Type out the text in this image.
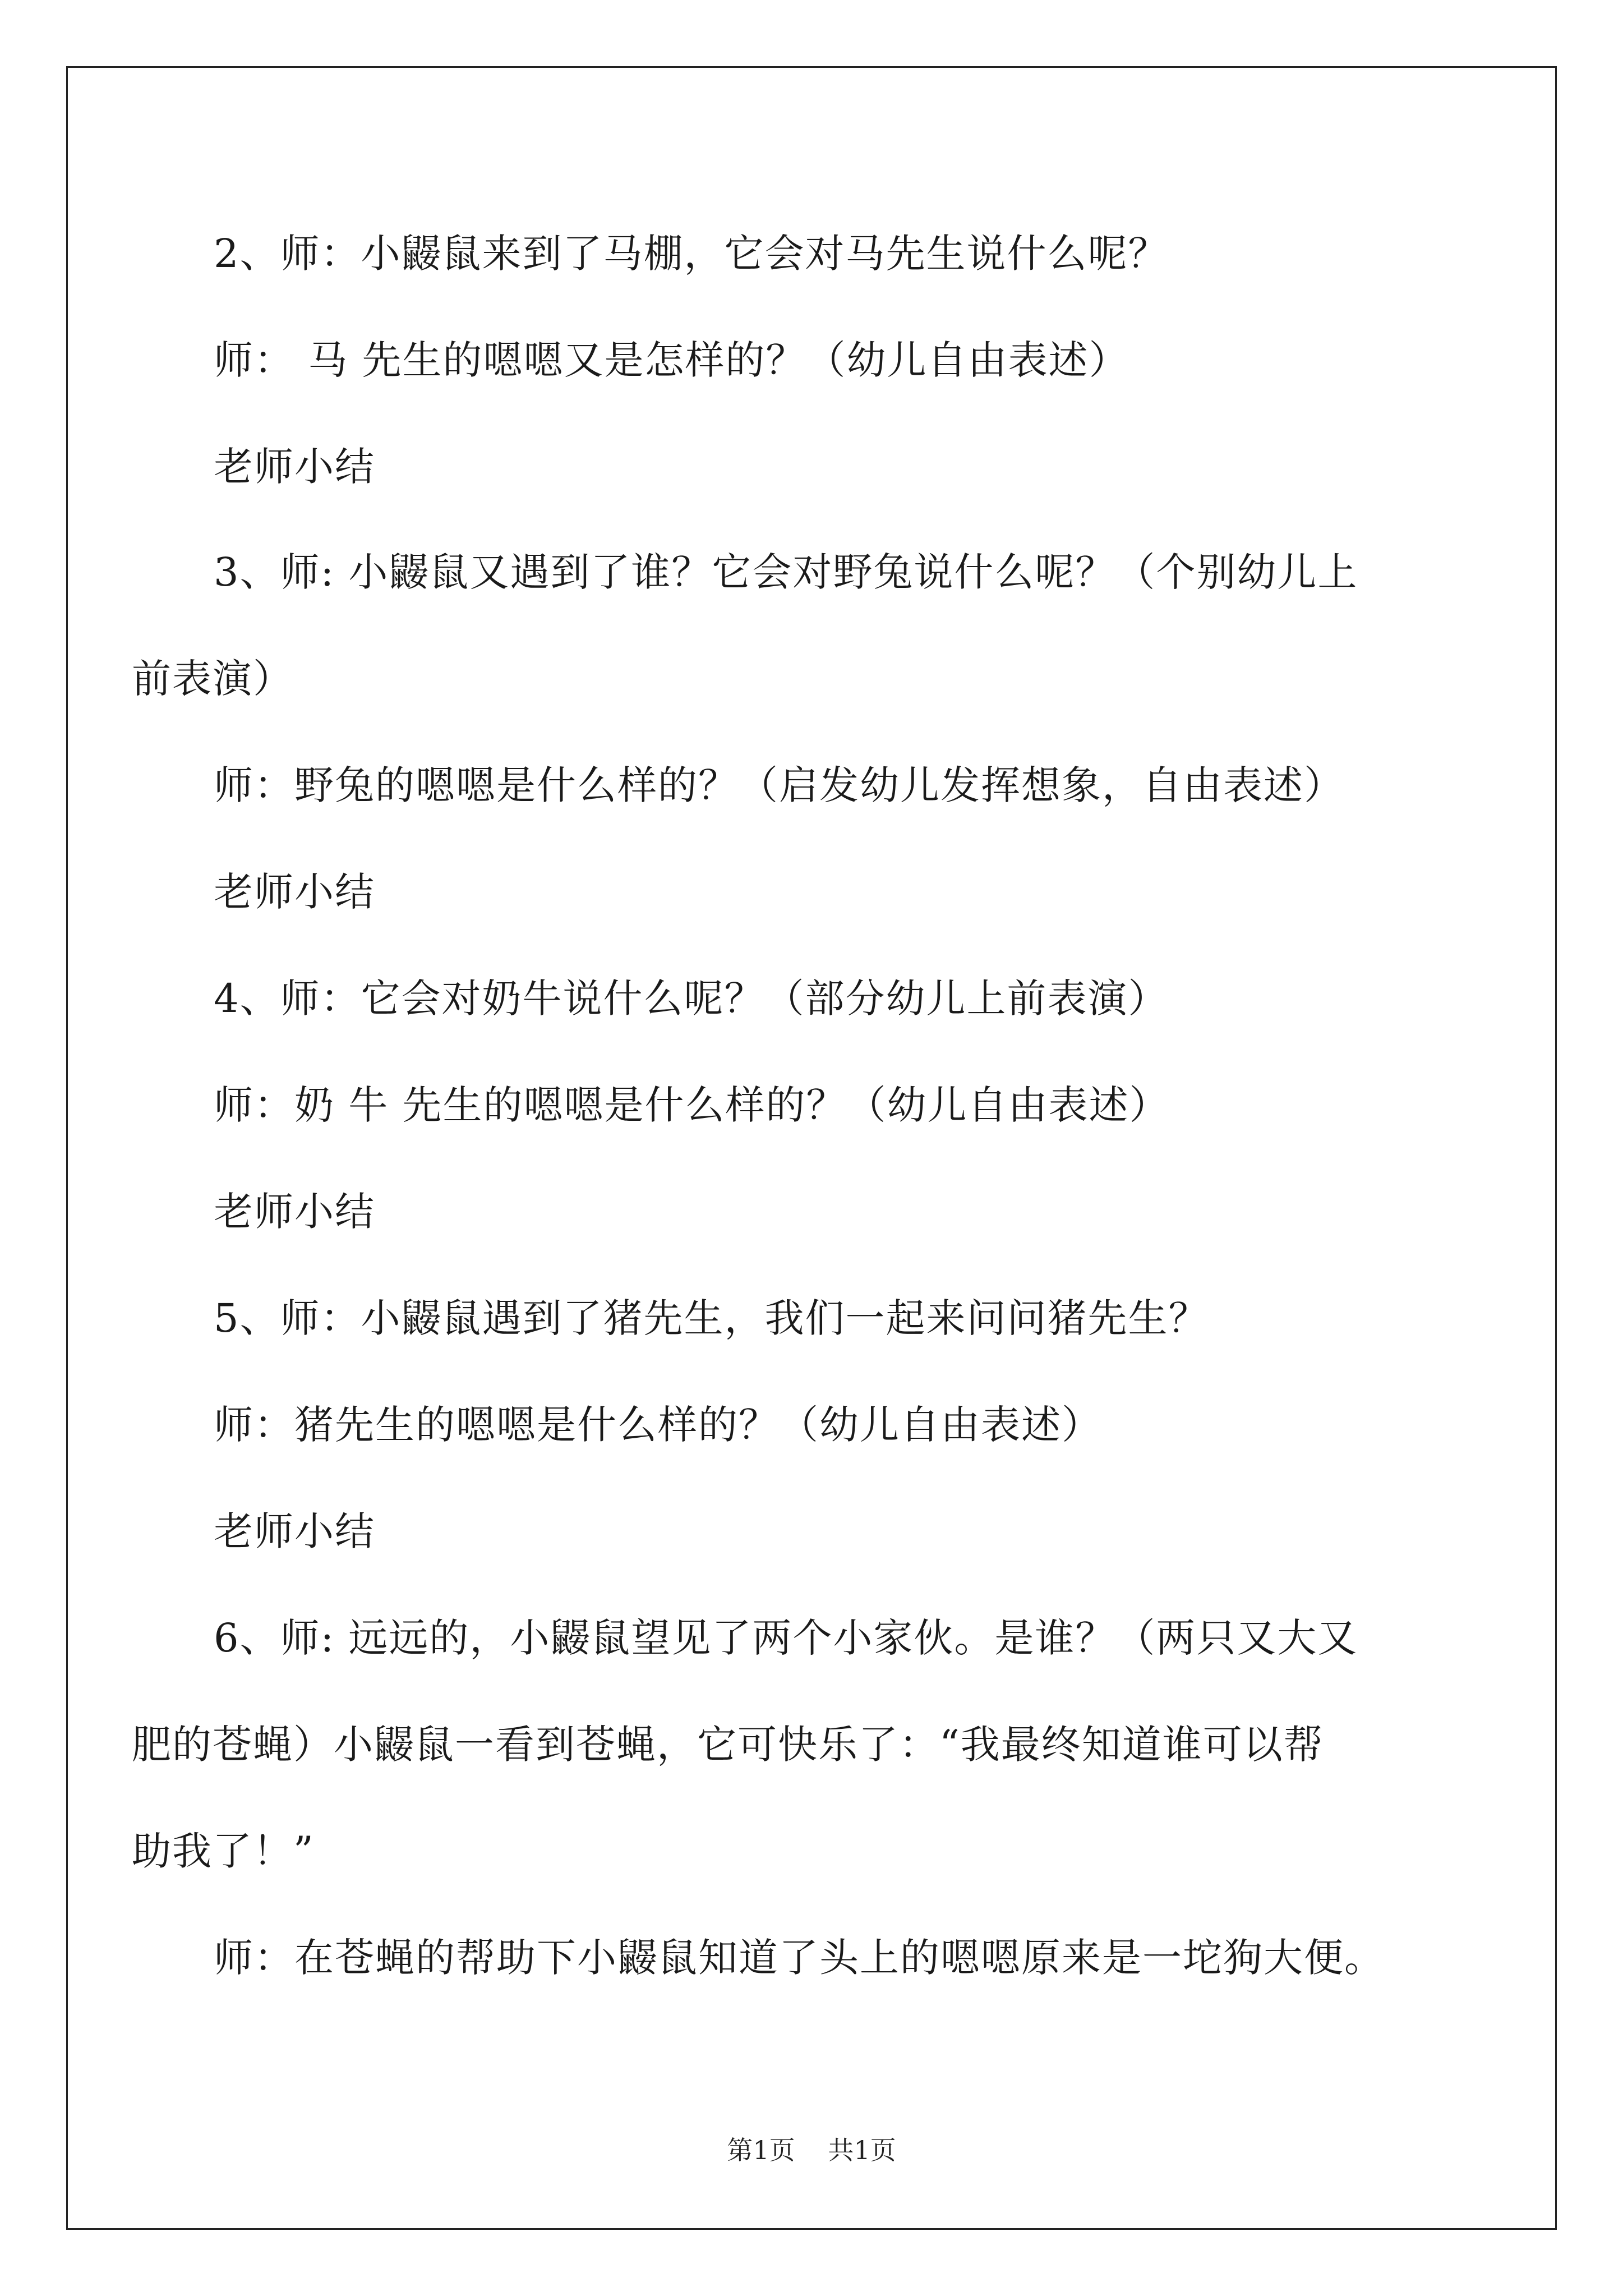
2、师：小鼹鼠来到了马棚，它会对马先生说什么呢？
师： 马 先生的嗯嗯又是怎样的？（幼儿自由表述）
老师小结
3、师: 小鼹鼠又遇到了谁？它会对野兔说什么呢？（个别幼儿上
前表演）
师：野兔的嗯嗯是什么样的？（启发幼儿发挥想象，自由表述）
老师小结
4、师：它会对奶牛说什么呢？（部分幼儿上前表演）
师：奶 牛 先生的嗯嗯是什么样的？（幼儿自由表述）
老师小结
5、师：小鼹鼠遇到了猪先生，我们一起来问问猪先生？
师：猪先生的嗯嗯是什么样的？（幼儿自由表述）
老师小结
6、师: 远远的，小鼹鼠望见了两个小家伙。是谁？（两只又大又
肥的苍蝇）小鼹鼠一看到苍蝇，它可快乐了：“我最终知道谁可以帮
助我了！”
师：在苍蝇的帮助下小鼹鼠知道了头上的嗯嗯原来是一坨狗大便。
第1页 共1页
